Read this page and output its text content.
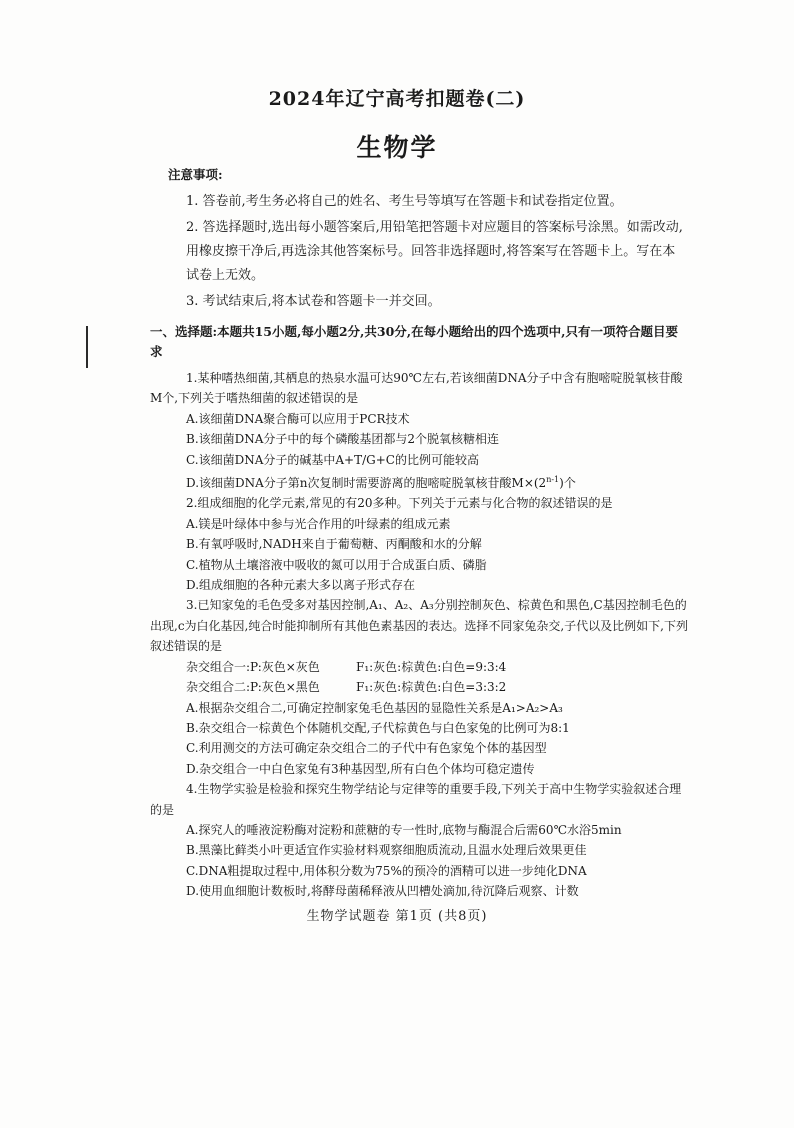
2024年辽宁高考扣题卷(二)
生物学
注意事项:
1. 答卷前,考生务必将自己的姓名、考生号等填写在答题卡和试卷指定位置。
2. 答选择题时,选出每小题答案后,用铅笔把答题卡对应题目的答案标号涂黑。如需改动,用橡皮擦干净后,再选涂其他答案标号。回答非选择题时,将答案写在答题卡上。写在本试卷上无效。
3. 考试结束后,将本试卷和答题卡一并交回。
一、选择题:本题共15小题,每小题2分,共30分,在每小题给出的四个选项中,只有一项符合题目要求

1.某种嗜热细菌,其栖息的热泉水温可达90℃左右,若该细菌DNA分子中含有胞嘧啶脱氧核苷酸M个,下列关于嗜热细菌的叙述错误的是

A.该细菌DNA聚合酶可以应用于PCR技术

B.该细菌DNA分子中的每个磷酸基团都与2个脱氧核糖相连

C.该细菌DNA分子的碱基中A+T/G+C的比例可能较高

D.该细菌DNA分子第n次复制时需要游离的胞嘧啶脱氧核苷酸$M\times(2^{n-1})$个

2.组成细胞的化学元素,常见的有20多种。下列关于元素与化合物的叙述错误的是

A.镁是叶绿体中参与光合作用的叶绿素的组成元素

B.有氧呼吸时,NADH来自于葡萄糖、丙酮酸和水的分解

C.植物从土壤溶液中吸收的氮可以用于合成蛋白质、磷脂

D.组成细胞的各种元素大多以离子形式存在

3.已知家兔的毛色受多对基因控制,A₁、A₂、A₃分别控制灰色、棕黄色和黑色,C基因控制毛色的出现,c为白化基因,纯合时能抑制所有其他色素基因的表达。选择不同家兔杂交,子代以及比例如下,下列叙述错误的是

杂交组合一:P:灰色×灰色	F₁:灰色:棕黄色:白色=9:3:4

杂交组合二:P:灰色×黑色	F₁:灰色:棕黄色:白色=3:3:2

A.根据杂交组合二,可确定控制家兔毛色基因的显隐性关系是A₁>A₂>A₃

B.杂交组合一棕黄色个体随机交配,子代棕黄色与白色家兔的比例可为8:1

C.利用测交的方法可确定杂交组合二的子代中有色家兔个体的基因型

D.杂交组合一中白色家兔有3种基因型,所有白色个体均可稳定遗传

4.生物学实验是检验和探究生物学结论与定律等的重要手段,下列关于高中生物学实验叙述合理的是

A.探究人的唾液淀粉酶对淀粉和蔗糖的专一性时,底物与酶混合后需60℃水浴5min

B.黑藻比藓类小叶更适宜作实验材料观察细胞质流动,且温水处理后效果更佳

C.DNA粗提取过程中,用体积分数为75%的预冷的酒精可以进一步纯化DNA

D.使用血细胞计数板时,将酵母菌稀释液从凹槽处滴加,待沉降后观察、计数

生物学试题卷 第1页 (共8页)
